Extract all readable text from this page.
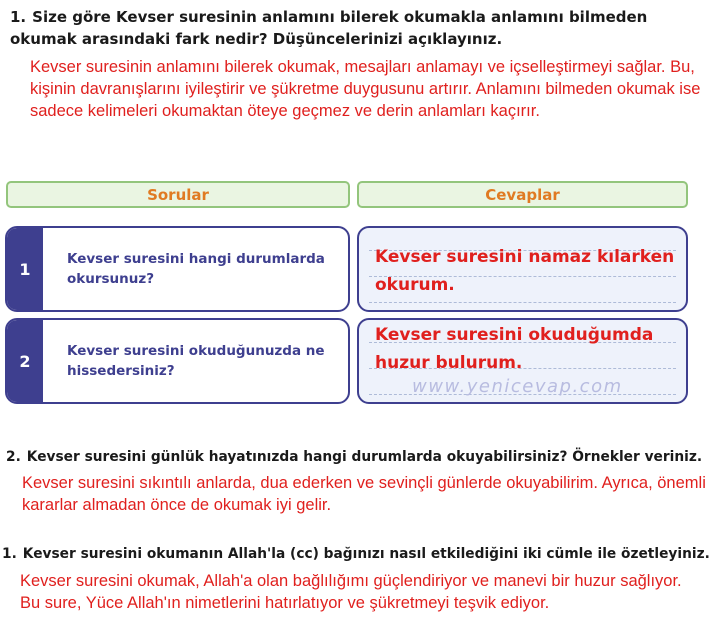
1. Size göre Kevser suresinin anlamını bilerek okumakla anlamını bilmeden okumak arasındaki fark nedir? Düşüncelerinizi açıklayınız.
Kevser suresinin anlamını bilerek okumak, mesajları anlamayı ve içselleştirmeyi sağlar. Bu, kişinin davranışlarını iyileştirir ve şükretme duygusunu artırır. Anlamını bilmeden okumak ise sadece kelimeleri okumaktan öteye geçmez ve derin anlamları kaçırır.
Sorular	Cevaplar
1
Kevser suresini hangi durumlarda okursunuz?
Kevser suresini namaz kılarken okurum.
2
Kevser suresini okuduğunuzda ne hissedersiniz?
Kevser suresini okuduğumda huzur bulurum.
www.yenicevap.com
2. Kevser suresini günlük hayatınızda hangi durumlarda okuyabilirsiniz? Örnekler veriniz.
Kevser suresini sıkıntılı anlarda, dua ederken ve sevinçli günlerde okuyabilirim. Ayrıca, önemli kararlar almadan önce de okumak iyi gelir.
1. Kevser suresini okumanın Allah'la (cc) bağınızı nasıl etkilediğini iki cümle ile özetleyiniz.
Kevser suresini okumak, Allah'a olan bağlılığımı güçlendiriyor ve manevi bir huzur sağlıyor. Bu sure, Yüce Allah'ın nimetlerini hatırlatıyor ve şükretmeyi teşvik ediyor.
